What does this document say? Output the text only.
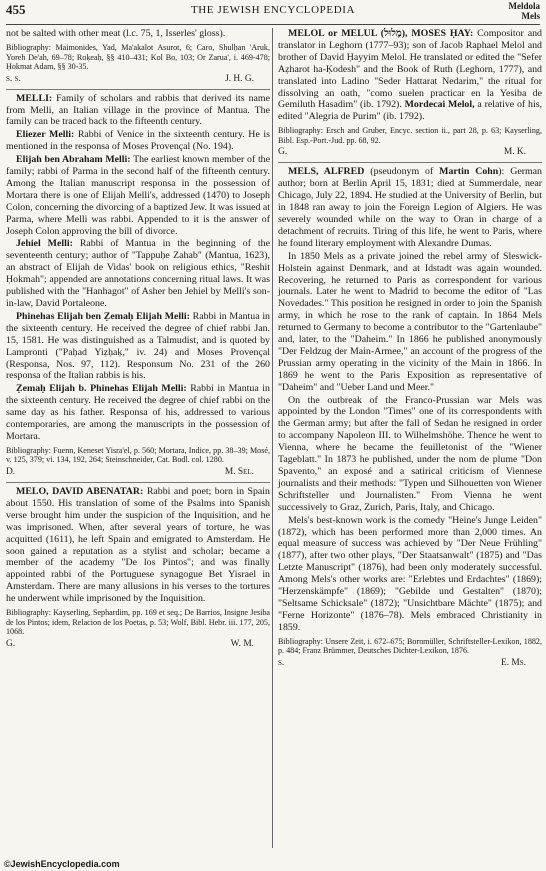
455	THE JEWISH ENCYCLOPEDIA	Meldola
Mels

not be salted with other meat (l.c. 75, 1, Isserles' gloss).

Bibliography: Maimonides, Yad, Ma'akalot Asurot, 6; Caro, Shulḥan 'Aruk, Yoreh De'ah, 69–78; Roḳeaḥ, §§ 410–431; Kol Bo, 103; Or Zarua', i. 469-478; Ḥokmat Adam, §§ 30-35.
s. s.	J. H. G.

MELLI: Family of scholars and rabbis that derived its name from Melli, an Italian village in the province of Mantua. The family can be traced back to the fifteenth century.

Eliezer Melli: Rabbi of Venice in the sixteenth century. He is mentioned in the responsa of Moses Provençal (No. 194).

Elijah ben Abraham Melli: The earliest known member of the family; rabbi of Parma in the second half of the fifteenth century. Among the Italian manuscript responsa in the possession of Mortara there is one of Elijah Melli's, addressed (1470) to Joseph Colon, concerning the divorcing of a baptized Jew. It was issued at Parma, where Melli was rabbi. Appended to it is the answer of Joseph Colon approving the bill of divorce.

Jehiel Melli: Rabbi of Mantua in the beginning of the seventeenth century; author of "Tappuḥe Zahab" (Mantua, 1623), an abstract of Elijah de Vidas' book on religious ethics, "Reshit Ḥokmah"; appended are annotations concerning ritual laws. It was published with the "Hanhagot" of Asher ben Jehiel by Melli's son-in-law, David Portaleone.

Phinehas Elijah ben Ẓemaḥ Elijah Melli: Rabbi in Mantua in the sixteenth century. He received the degree of chief rabbi Jan. 15, 1581. He was distinguished as a Talmudist, and is quoted by Lampronti ("Paḥad Yiẓḥaḳ," iv. 24) and Moses Provençal (Responsa, Nos. 97, 112). Responsum No. 231 of the 260 responsa of the Italian rabbis is his.

Ẓemaḥ Elijah b. Phinehas Elijah Melli: Rabbi in Mantua in the sixteenth century. He received the degree of chief rabbi on the same day as his father. Responsa of his, addressed to various contemporaries, are among the manuscripts in the possession of Mortara.

Bibliography: Fuenn, Keneset Yisra'el, p. 560; Mortara, Indice, pp. 38–39; Mosé, v. 125, 379; vi. 134, 192, 264; Steinschneider, Cat. Bodl. col. 1280.
D.	M. Sel.

MELO, DAVID ABENATAR: Rabbi and poet; born in Spain about 1550. His translation of some of the Psalms into Spanish verse brought him under the suspicion of the Inquisition, and he was imprisoned. When, after several years of torture, he was acquitted (1611), he left Spain and emigrated to Amsterdam. He soon gained a reputation as a stylist and scholar; became a member of the academy "De los Pintos"; and was finally appointed rabbi of the Portuguese synagogue Bet Yisrael in Amsterdam. There are many allusions in his verses to the tortures he underwent while imprisoned by the Inquisition.

Bibliography: Kayserling, Sephardim, pp. 169 et seq.; De Barrios, Insigne Jesiba de los Pintos; idem, Relacion de los Poetas, p. 53; Wolf, Bibl. Hebr. iii. 177, 205, 1068.
G.	W. M.

MELOL or MELUL (מֶלוּל), MOSES ḤAY: Compositor and translator in Leghorn (1777–93); son of Jacob Raphael Melol and brother of David Ḥayyim Melol. He translated or edited the "Sefer Aẓharot ha-Ḳodesh" and the Book of Ruth (Leghorn, 1777), and translated into Ladino "Seder Hattarat Nedarim," the ritual for dissolving an oath, "como suelen practicar en la Yesiba de Gemiluth Hasadim" (ib. 1792). Mordecai Melol, a relative of his, edited "Alegria de Purim" (ib. 1792).

Bibliography: Ersch and Gruber, Encyc. section ii., part 28, p. 63; Kayserling, Bibl. Esp.-Port.-Jud. pp. 68, 92.
G.	M. K.

MELS, ALFRED (pseudonym of Martin Cohn): German author; born at Berlin April 15, 1831; died at Summerdale, near Chicago, July 22, 1894. He studied at the University of Berlin, but in 1848 ran away to join the Foreign Legion of Algiers. He was severely wounded while on the way to Oran in charge of a detachment of recruits. Tiring of this life, he went to Paris, where he found literary employment with Alexandre Dumas.

In 1850 Mels as a private joined the rebel army of Sleswick-Holstein against Denmark, and at Idstadt was again wounded. Recovering, he returned to Paris as correspondent for various journals. Later he went to Madrid to become the editor of "Las Novedades." This position he resigned in order to join the Spanish army, in which he rose to the rank of captain. In 1864 Mels returned to Germany to become a contributor to the "Gartenlaube" and, later, to the "Daheim." In 1866 he published anonymously "Der Feldzug der Main-Armee," an account of the progress of the Prussian army operating in the vicinity of the Main in 1866. In 1869 he went to the Paris Exposition as representative of "Daheim" and "Ueber Land und Meer."

On the outbreak of the Franco-Prussian war Mels was appointed by the London "Times" one of its correspondents with the German army; but after the fall of Sedan he resigned in order to accompany Napoleon III. to Wilhelmshöhe. Thence he went to Vienna, where he became the feuilletonist of the "Wiener Tageblatt." In 1873 he published, under the nom de plume "Don Spavento," an exposé and a satirical criticism of Viennese journalists and their methods: "Typen und Silhouetten von Wiener Schriftsteller und Journalisten." From Vienna he went successively to Graz, Zurich, Paris, Italy, and Chicago.

Mels's best-known work is the comedy "Heine's Junge Leiden" (1872), which has been performed more than 2,000 times. An equal measure of success was achieved by "Der Neue Frühling" (1877), after two other plays, "Der Staatsanwalt" (1875) and "Das Letzte Manuscript" (1876), had been only moderately successful. Among Mels's other works are: "Erlebtes und Erdachtes" (1869); "Herzenskämpfe" (1869); "Gebilde und Gestalten" (1870); "Seltsame Schicksale" (1872); "Unsichtbare Mächte" (1875); and "Ferne Horizonte" (1876–78). Mels embraced Christianity in 1859.

Bibliography: Unsere Zeit, i. 672–675; Bornmüller, Schriftsteller-Lexikon, 1882, p. 484; Franz Brümmer, Deutsches Dichter-Lexikon, 1876.
s.	E. Ms.
©JewishEncyclopedia.com
